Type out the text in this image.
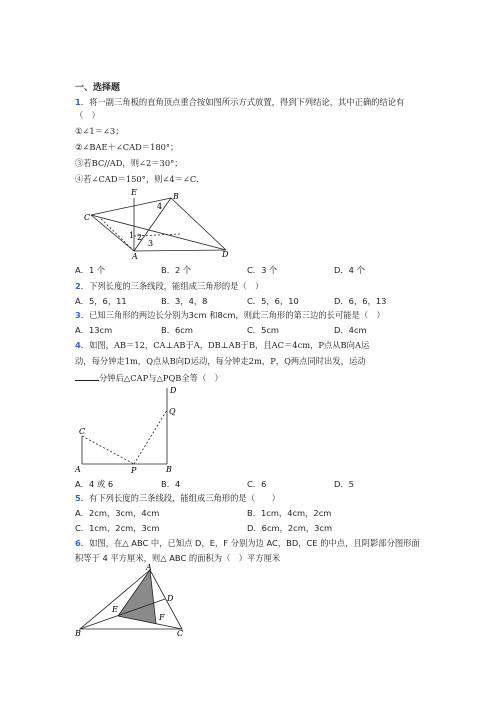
一、选择题
1．将一副三角板的直角顶点重合按如图所示方式放置，得到下列结论，其中正确的结论有
（　）
①∠1＝∠3；
②∠BAE＋∠CAD＝180°；
③若BC//AD，则∠2＝30°；
④若∠CAD＝150°，则∠4＝∠C．
E	B
C
4
1 2
3
A	D
A．1 个	B．2 个	C．3 个	D．4 个
2．下列长度的三条线段，能组成三角形的是（　）
A．5，6，11	B．3，4，8	C．5，6，10	D．6，6，13
3．已知三角形的两边长分别为3cm 和8cm，则此三角形的第三边的长可能是（　）
A．13cm	B．6cm	C．5cm	D．4cm
4．如图，AB＝12，CA⊥AB于A，DB⊥AB于B，且AC＝4cm，P点从B向A运
动，每分钟走1m，Q点从B向D运动，每分钟走2m，P，Q两点同时出发，运动
分钟后△CAP与△PQB全等（　）
D
Q
C
A	P	B
A．4 或 6	B．4	C．6	D．5
5．有下列长度的三条线段，能组成三角形的是（　　）
A．2cm，3cm，4cm	B．1cm，4cm，2cm
C．1cm，2cm，3cm	D．6cm，2cm，3cm
6．如图，在△ ABC 中，已知点 D，E，F 分别为边 AC，BD，CE 的中点，且阴影部分图形面
积等于 4 平方厘米，则△ ABC 的面积为（　）平方厘米
A
D
E
F
B	C
